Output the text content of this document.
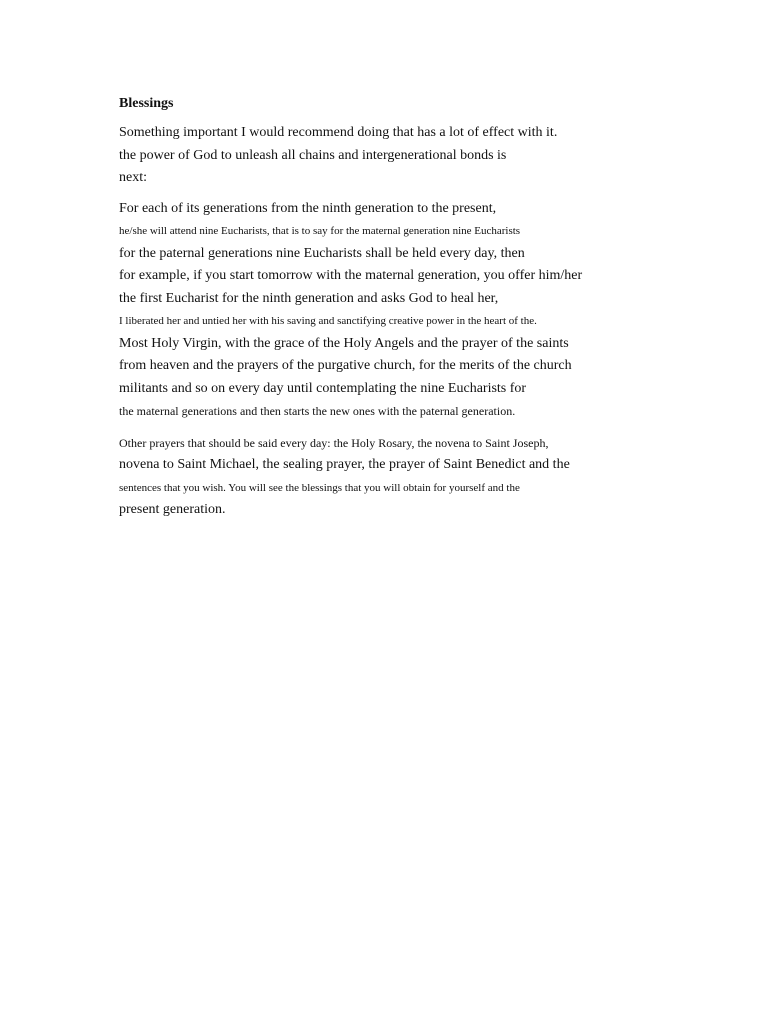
Blessings
Something important I would recommend doing that has a lot of effect with it.
the power of God to unleash all chains and intergenerational bonds is
next:
For each of its generations from the ninth generation to the present,
he/she will attend nine Eucharists, that is to say for the maternal generation nine Eucharists
for the paternal generations nine Eucharists shall be held every day, then
for example, if you start tomorrow with the maternal generation, you offer him/her
the first Eucharist for the ninth generation and asks God to heal her,
I liberated her and untied her with his saving and sanctifying creative power in the heart of the.
Most Holy Virgin, with the grace of the Holy Angels and the prayer of the saints
from heaven and the prayers of the purgative church, for the merits of the church
militants and so on every day until contemplating the nine Eucharists for
the maternal generations and then starts the new ones with the paternal generation.
Other prayers that should be said every day: the Holy Rosary, the novena to Saint Joseph,
novena to Saint Michael, the sealing prayer, the prayer of Saint Benedict and the
sentences that you wish. You will see the blessings that you will obtain for yourself and the
present generation.
